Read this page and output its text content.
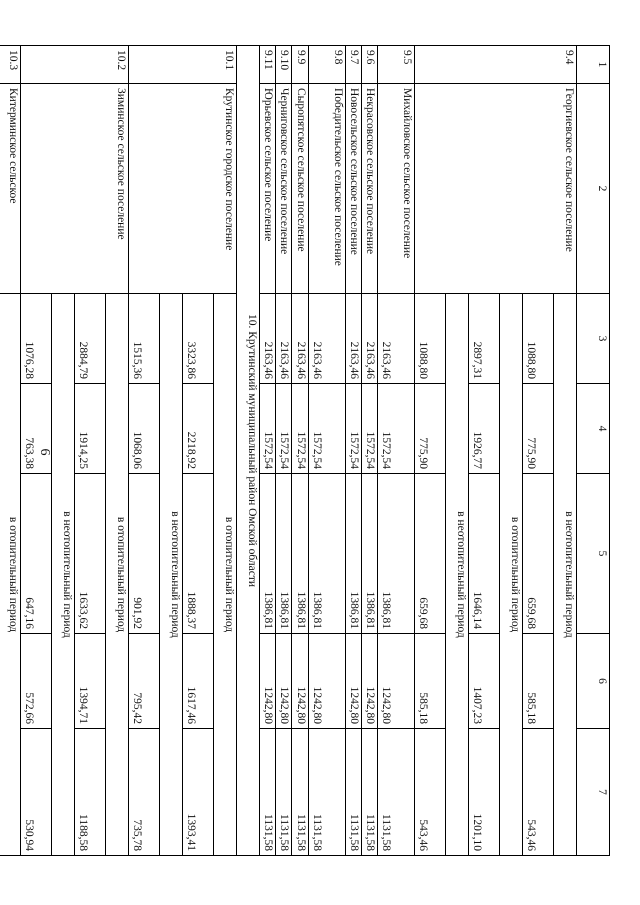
6
1	2	3	4	5	6	7
9.4	Георгиевское сельское поселение	в неотопительный период				
		1088,80	775,90	659,68	585,18	543,46
		в отопительный период				
		2897,31	1926,77	1646,14	1407,23	1201,10
		в неотопительный период				
		1088,80	775,90	659,68	585,18	543,46
9.5	Михайловское сельское поселение	2163,46	1572,54	1386,81	1242,80	1131,58
9.6	Некрасовское сельское поселение	2163,46	1572,54	1386,81	1242,80	1131,58
9.7	Новосельское сельское поселение	2163,46	1572,54	1386,81	1242,80	1131,58
9.8	Победительское сельское поселение	2163,46	1572,54	1386,81	1242,80	1131,58
9.9	Сыропятское сельское поселение	2163,46	1572,54	1386,81	1242,80	1131,58
9.10	Черниговское сельское поселение	2163,46	1572,54	1386,81	1242,80	1131,58
9.11	Юрьевское сельское поселение	2163,46	1572,54	1386,81	1242,80	1131,58
10. Крутинский муниципальный район Омской области						
10.1	Крутинское городское поселение	в отопительный период				
		3323,86	2218,92	1888,37	1617,46	1393,41
		в неотопительный период				
		1515,36	1068,06	901,92	795,42	735,78
10.2	Зиминское сельское поселение	в отопительный период				
		2884,79	1914,25	1633,62	1394,71	1188,58
		в неотопительный период				
		1076,28	763,38	647,16	572,66	530,94
10.3	Китерминское сельское	в отопительный период				
